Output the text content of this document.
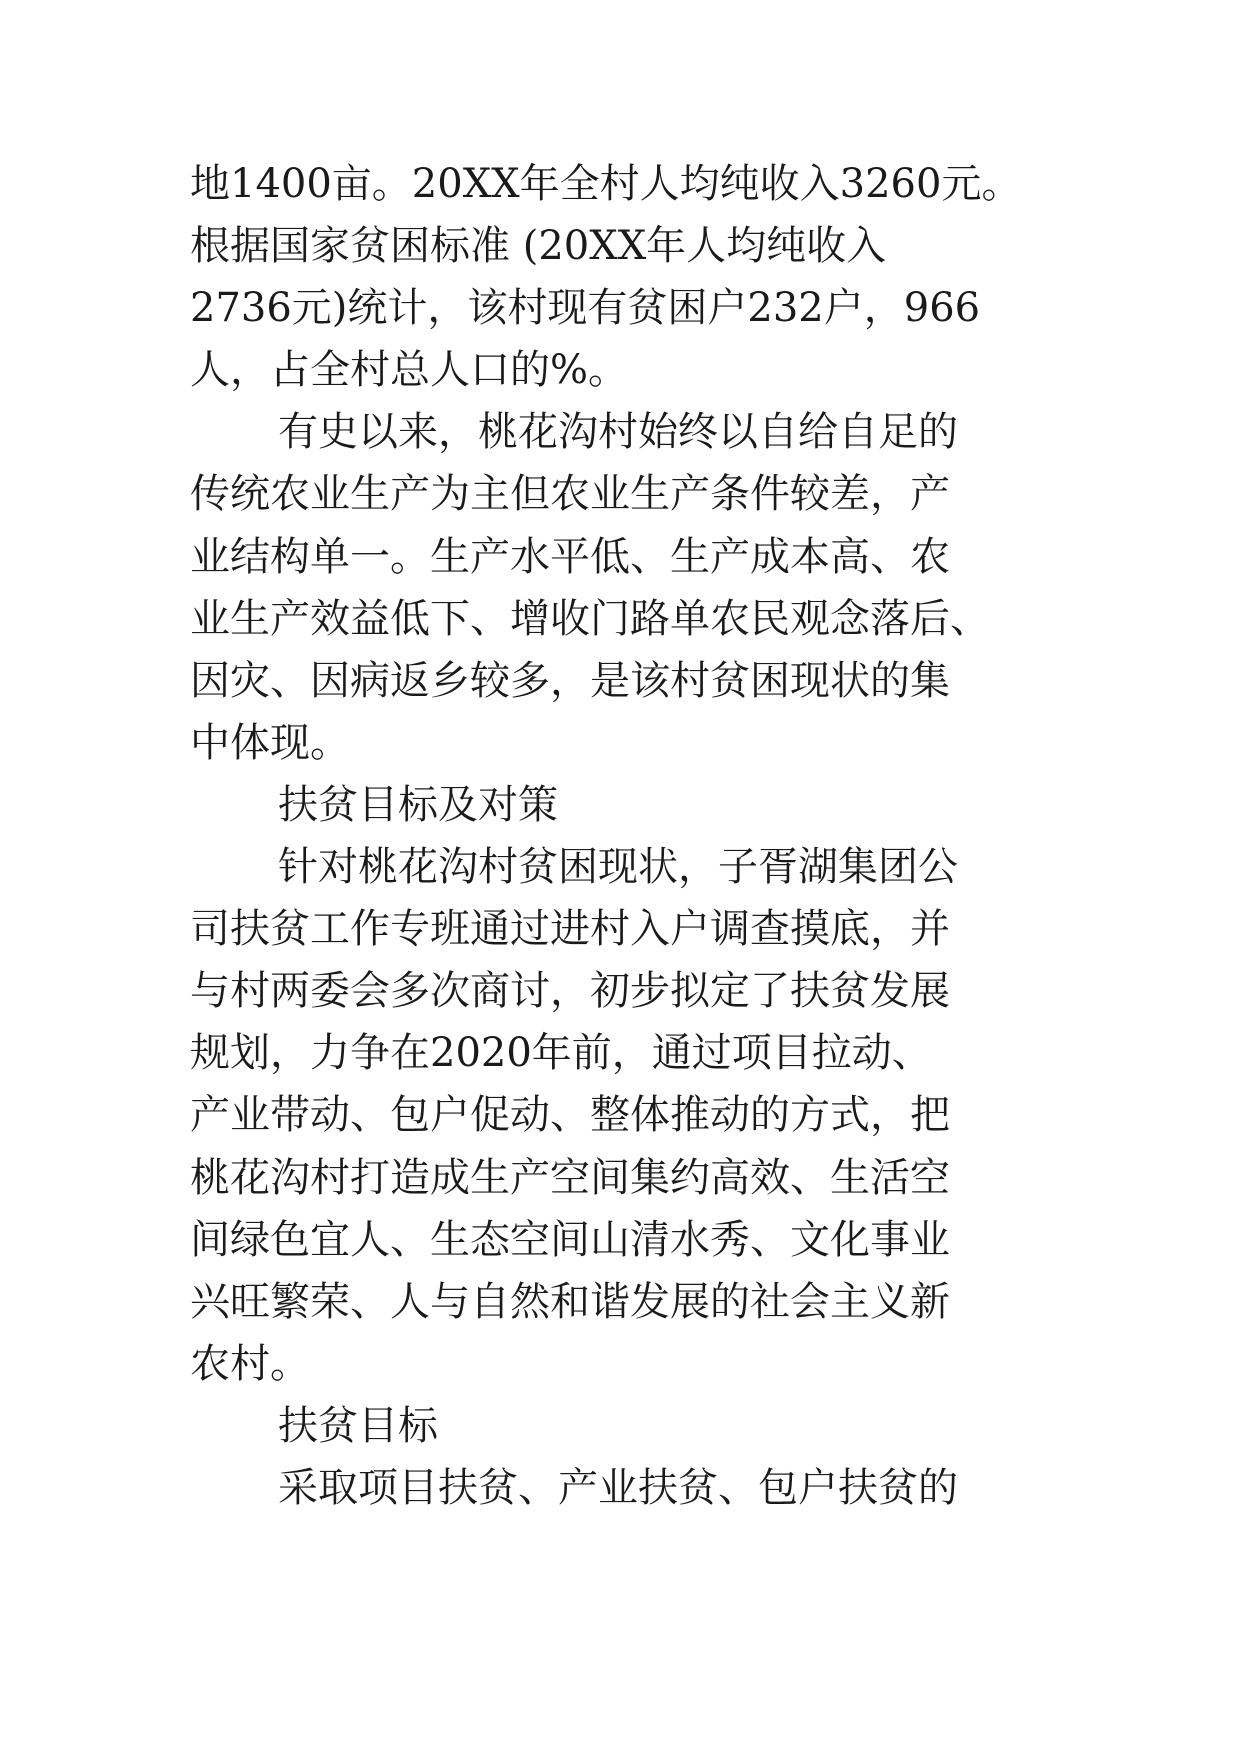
地1400亩。20XX年全村人均纯收入3260元。
根据国家贫困标准 (20XX年人均纯收入
2736元)统计，该村现有贫困户232户，966
人，占全村总人口的%。
有史以来，桃花沟村始终以自给自足的
传统农业生产为主但农业生产条件较差，产
业结构单一。生产水平低、生产成本高、农
业生产效益低下、增收门路单农民观念落后、
因灾、因病返乡较多，是该村贫困现状的集
中体现。
扶贫目标及对策
针对桃花沟村贫困现状，子胥湖集团公
司扶贫工作专班通过进村入户调查摸底，并
与村两委会多次商讨，初步拟定了扶贫发展
规划，力争在2020年前，通过项目拉动、
产业带动、包户促动、整体推动的方式，把
桃花沟村打造成生产空间集约高效、生活空
间绿色宜人、生态空间山清水秀、文化事业
兴旺繁荣、人与自然和谐发展的社会主义新
农村。
扶贫目标
采取项目扶贫、产业扶贫、包户扶贫的
